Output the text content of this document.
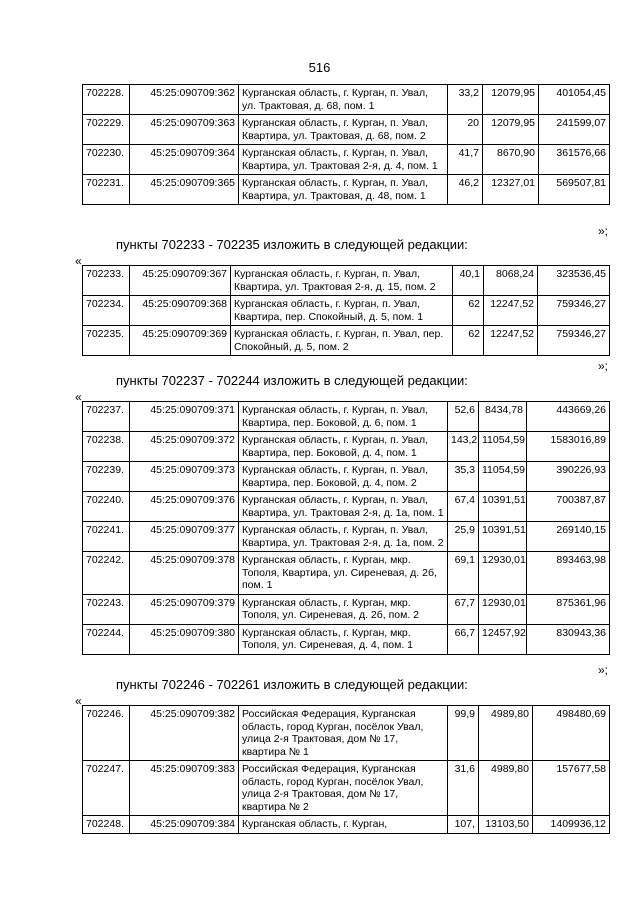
516
702228.	45:25:090709:362	Курганская область, г. Курган, п. Увал, ул. Трактовая, д. 68, пом. 1	33,2	12079,95	401054,45
702229.	45:25:090709:363	Курганская область, г. Курган, п. Увал, Квартира, ул. Трактовая, д. 68, пом. 2	20	12079,95	241599,07
702230.	45:25:090709:364	Курганская область, г. Курган, п. Увал, Квартира, ул. Трактовая 2-я, д. 4, пом. 1	41,7	8670,90	361576,66
702231.	45:25:090709:365	Курганская область, г. Курган, п. Увал, Квартира, ул. Трактовая, д. 48, пом. 1	46,2	12327,01	569507,81
»;
пункты 702233 - 702235 изложить в следующей редакции:
«
702233.	45:25:090709:367	Курганская область, г. Курган, п. Увал, Квартира, ул. Трактовая 2-я, д. 15, пом. 2	40,1	8068,24	323536,45
702234.	45:25:090709:368	Курганская область, г. Курган, п. Увал, Квартира, пер. Спокойный, д. 5, пом. 1	62	12247,52	759346,27
702235.	45:25:090709:369	Курганская область, г. Курган, п. Увал, пер. Спокойный, д. 5, пом. 2	62	12247,52	759346,27
»;
пункты 702237 - 702244 изложить в следующей редакции:
«
702237.	45:25:090709:371	Курганская область, г. Курган, п. Увал, Квартира, пер. Боковой, д. 6, пом. 1	52,6	8434,78	443669,26
702238.	45:25:090709:372	Курганская область, г. Курган, п. Увал, Квартира, пер. Боковой, д. 4, пом. 1	143,2	11054,59	1583016,89
702239.	45:25:090709:373	Курганская область, г. Курган, п. Увал, Квартира, пер. Боковой, д. 4, пом. 2	35,3	11054,59	390226,93
702240.	45:25:090709:376	Курганская область, г. Курган, п. Увал, Квартира, ул. Трактовая 2-я, д. 1а, пом. 1	67,4	10391,51	700387,87
702241.	45:25:090709:377	Курганская область, г. Курган, п. Увал, Квартира, ул. Трактовая 2-я, д. 1а, пом. 2	25,9	10391,51	269140,15
702242.	45:25:090709:378	Курганская область, г. Курган, мкр. Тополя, Квартира, ул. Сиреневая, д. 2б, пом. 1	69,1	12930,01	893463,98
702243.	45:25:090709:379	Курганская область, г. Курган, мкр. Тополя, ул. Сиреневая, д. 2б, пом. 2	67,7	12930,01	875361,96
702244.	45:25:090709:380	Курганская область, г. Курган, мкр. Тополя, ул. Сиреневая, д. 4, пом. 1	66,7	12457,92	830943,36
»;
пункты 702246 - 702261 изложить в следующей редакции:
«
702246.	45:25:090709:382	Российская Федерация, Курганская область, город Курган, посёлок Увал, улица 2-я Трактовая, дом № 17, квартира № 1	99,9	4989,80	498480,69
702247.	45:25:090709:383	Российская Федерация, Курганская область, город Курган, посёлок Увал, улица 2-я Трактовая, дом № 17, квартира № 2	31,6	4989,80	157677,58
702248.	45:25:090709:384	Курганская область, г. Курган,	107,	13103,50	1409936,12
